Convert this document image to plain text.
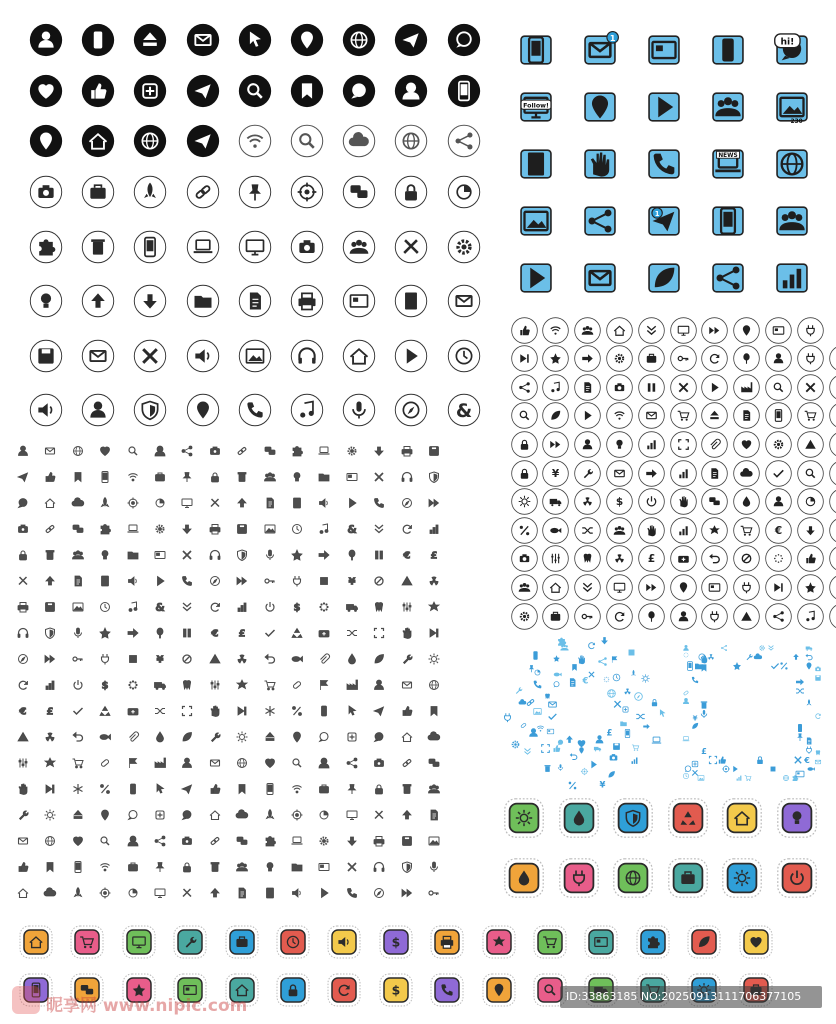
&
&
€ £
¥
&	$
€ £
¥
$
€ £
1	hi!
Follow!
230
NEWS
1
¥
$
€
£
€
£
¥
€
£
¥
$
$
昵享网 www.nipic.com	ID:33863185 NO:20250913111706377105
